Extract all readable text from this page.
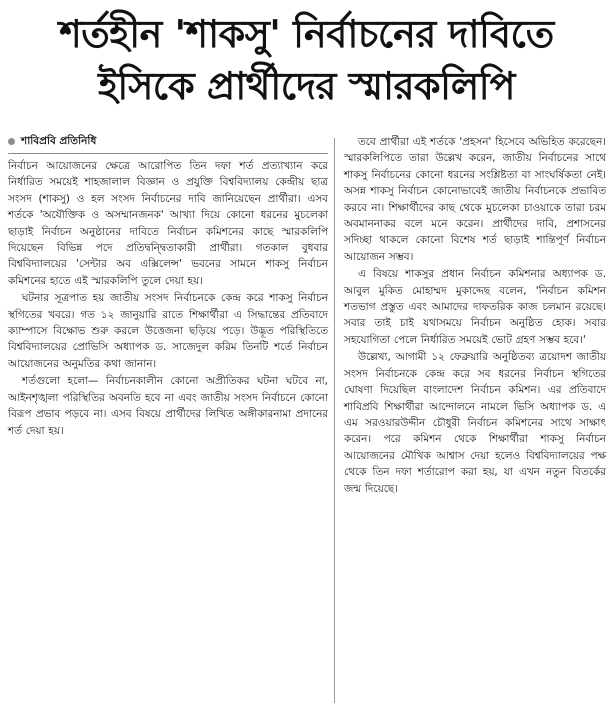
শর্তহীন 'শাকসু' নির্বাচনের দাবিতে
ইসিকে প্রার্থীদের স্মারকলিপি
শাবিপ্রবি প্রতিনিধি

নির্বাচন আয়োজনের ক্ষেত্রে আরোপিত তিন দফা শর্ত প্রত্যাখ্যান করে নির্ধারিত সময়েই শাহজালাল বিজ্ঞান ও প্রযুক্তি বিশ্ববিদ্যালয় কেন্দ্রীয় ছাত্র সংসদ (শাকসু) ও হল সংসদ নির্বাচনের দাবি জানিয়েছেন প্রার্থীরা। এসব শর্তকে 'অযৌক্তিক ও অসম্মানজনক' আখ্যা দিয়ে কোনো ধরনের মুচলেকা ছাড়াই নির্বাচন অনুষ্ঠানের দাবিতে নির্বাচন কমিশনের কাছে স্মারকলিপি দিয়েছেন বিভিন্ন পদে প্রতিদ্বন্দ্বিতাকারী প্রার্থীরা। গতকাল বুধবার বিশ্ববিদ্যালয়ের 'সেন্টার অব এক্সিলেন্স' ভবনের সামনে শাকসু নির্বাচন কমিশনের হাতে এই স্মারকলিপি তুলে দেয়া হয়।

ঘটনার সূত্রপাত হয় জাতীয় সংসদ নির্বাচনকে কেন্দ্র করে শাকসু নির্বাচন স্থগিতের খবরে। গত ১২ জানুয়ারি রাতে শিক্ষার্থীরা এ সিদ্ধান্তের প্রতিবাদে ক্যাম্পাসে বিক্ষোভ শুরু করলে উত্তেজনা ছড়িয়ে পড়ে। উদ্ভূত পরিস্থিতিতে বিশ্ববিদ্যালয়ের প্রোভিসি অধ্যাপক ড. সাজেদুল করিম তিনটি শর্তে নির্বাচন আয়োজনের অনুমতির কথা জানান।

শর্তগুলো হলো— নির্বাচনকালীন কোনো অপ্রীতিকর ঘটনা ঘটবে না, আইনশৃঙ্খলা পরিস্থিতির অবনতি হবে না এবং জাতীয় সংসদ নির্বাচনে কোনো বিরূপ প্রভাব পড়বে না। এসব বিষয়ে প্রার্থীদের লিখিত অঙ্গীকারনামা প্রদানের শর্ত দেয়া হয়।

তবে প্রার্থীরা এই শর্তকে 'প্রহসন' হিসেবে অভিহিত করেছেন। স্মারকলিপিতে তারা উল্লেখ করেন, জাতীয় নির্বাচনের সাথে শাকসু নির্বাচনের কোনো ধরনের সংশ্লিষ্টতা বা সাংঘর্ষিকতা নেই। অসন্ন শাকসু নির্বাচন কোনোভাবেই জাতীয় নির্বাচনকে প্রভাবিত করবে না। শিক্ষার্থীদের কাছ থেকে মুচলেকা চাওয়াকে তারা চরম অবমাননাকর বলে মনে করেন। প্রার্থীদের দাবি, প্রশাসনের সদিচ্ছা থাকলে কোনো বিশেষ শর্ত ছাড়াই শান্তিপূর্ণ নির্বাচন আয়োজন সম্ভব।

এ বিষয়ে শাকসুর প্রধান নির্বাচন কমিশনার অধ্যাপক ড. আবুল মুকিত মোহাম্মদ মুকাদ্দেছ বলেন, 'নির্বাচন কমিশন শতভাগ প্রস্তুত এবং আমাদের দাফতরিক কাজ চলমান রয়েছে। সবার তাই চাই যথাসময়ে নির্বাচন অনুষ্ঠিত হোক। সবার সহযোগিতা পেলে নির্ধারিত সময়েই ভোট গ্রহণ সম্ভব হবে।'

উল্লেখ্য, আগামী ১২ ফেব্রুয়ারি অনুষ্ঠিতব্য ত্রয়োদশ জাতীয় সংসদ নির্বাচনকে কেন্দ্র করে সব ধরনের নির্বাচন স্থগিতের ঘোষণা দিয়েছিল বাংলাদেশ নির্বাচন কমিশন। এর প্রতিবাদে শাবিপ্রবি শিক্ষার্থীরা আন্দোলনে নামলে ভিসি অধ্যাপক ড. এ এম সরওয়ারউদ্দীন চৌধুরী নির্বাচন কমিশনের সাথে সাক্ষাৎ করেন। পরে কমিশন থেকে শিক্ষার্থীরা শাকসু নির্বাচন আয়োজনের মৌখিক আশ্বাস দেয়া হলেও বিশ্ববিদ্যালয়ের পক্ষ থেকে তিন দফা শর্তারোপ করা হয়, যা এখন নতুন বিতর্কের জন্ম দিয়েছে।
